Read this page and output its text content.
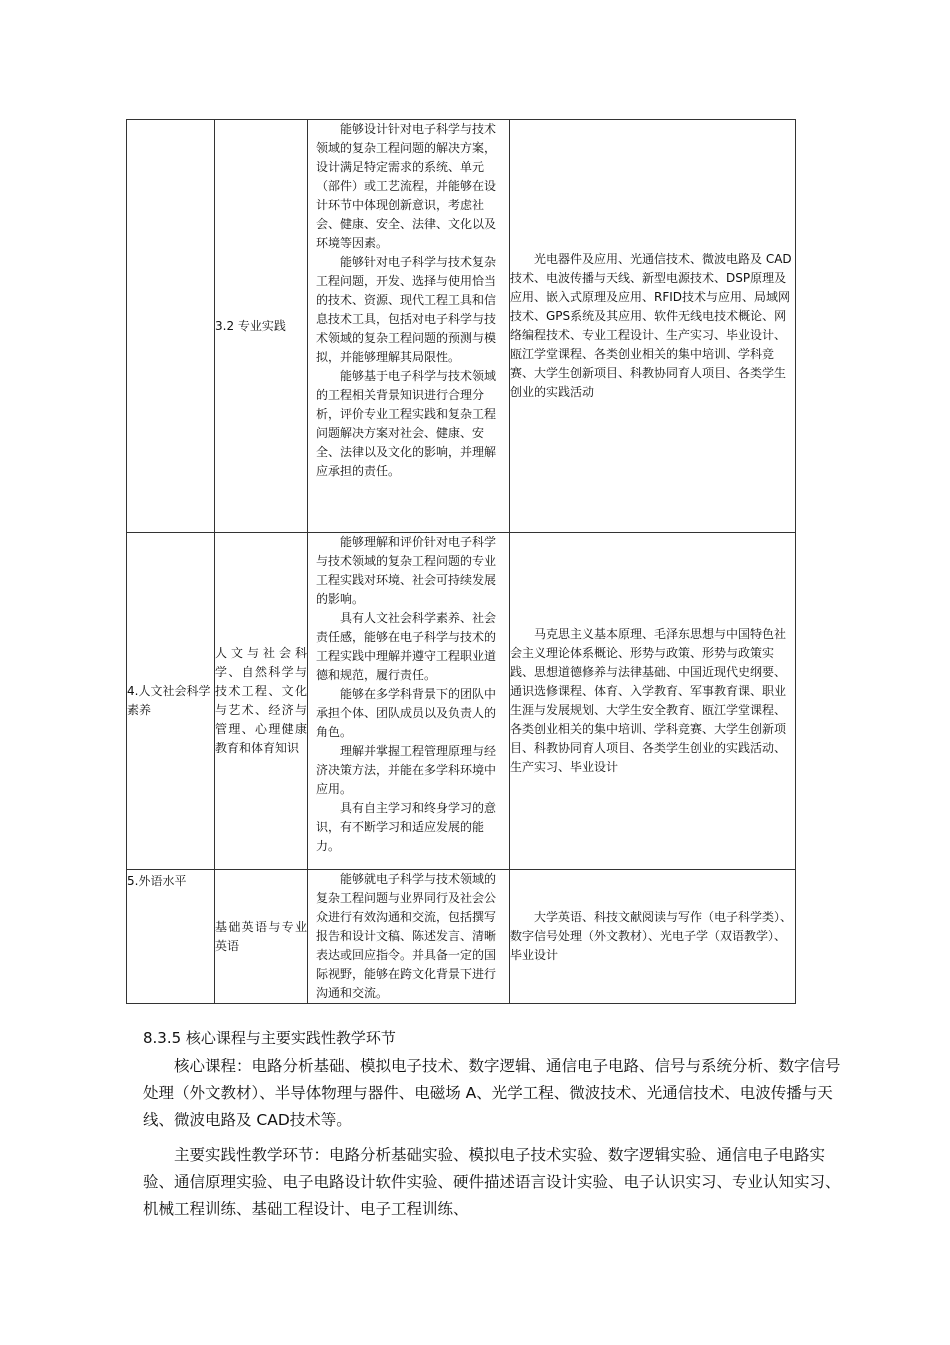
	3.2 专业实践	能够设计针对电子科学与技术领域的复杂工程问题的解决方案，设计满足特定需求的系统、单元（部件）或工艺流程，并能够在设计环节中体现创新意识，考虑社会、健康、安全、法律、文化以及环境等因素。

能够针对电子科学与技术复杂工程问题，开发、选择与使用恰当的技术、资源、现代工程工具和信息技术工具，包括对电子科学与技术领域的复杂工程问题的预测与模拟，并能够理解其局限性。

能够基于电子科学与技术领域的工程相关背景知识进行合理分析，评价专业工程实践和复杂工程问题解决方案对社会、健康、安全、法律以及文化的影响，并理解应承担的责任。	光电器件及应用、光通信技术、微波电路及 CAD技术、电波传播与天线、新型电源技术、DSP原理及应用、嵌入式原理及应用、RFID技术与应用、局域网技术、GPS系统及其应用、软件无线电技术概论、网络编程技术、专业工程设计、生产实习、毕业设计、瓯江学堂课程、各类创业相关的集中培训、学科竞赛、大学生创新项目、科教协同育人项目、各类学生创业的实践活动
4.人文社会科学素养	人文与社会科学、自然科学与技术工程、文化与艺术、经济与管理、心理健康教育和体育知识	能够理解和评价针对电子科学与技术领域的复杂工程问题的专业工程实践对环境、社会可持续发展的影响。

具有人文社会科学素养、社会责任感，能够在电子科学与技术的工程实践中理解并遵守工程职业道德和规范，履行责任。

能够在多学科背景下的团队中承担个体、团队成员以及负责人的角色。

理解并掌握工程管理原理与经济决策方法，并能在多学科环境中应用。

具有自主学习和终身学习的意识，有不断学习和适应发展的能力。	马克思主义基本原理、毛泽东思想与中国特色社会主义理论体系概论、形势与政策、形势与政策实践、思想道德修养与法律基础、中国近现代史纲要、通识选修课程、体育、入学教育、军事教育课、职业生涯与发展规划、大学生安全教育、瓯江学堂课程、各类创业相关的集中培训、学科竞赛、大学生创新项目、科教协同育人项目、各类学生创业的实践活动、生产实习、毕业设计
5.外语水平	基础英语与专业英语	能够就电子科学与技术领域的复杂工程问题与业界同行及社会公众进行有效沟通和交流，包括撰写报告和设计文稿、陈述发言、清晰表达或回应指令。并具备一定的国际视野，能够在跨文化背景下进行沟通和交流。	大学英语、科技文献阅读与写作（电子科学类）、数字信号处理（外文教材）、光电子学（双语教学）、毕业设计
8.3.5 核心课程与主要实践性教学环节

核心课程：电路分析基础、模拟电子技术、数字逻辑、通信电子电路、信号与系统分析、数字信号处理（外文教材）、半导体物理与器件、电磁场 A、光学工程、微波技术、光通信技术、电波传播与天线、微波电路及 CAD技术等。

主要实践性教学环节：电路分析基础实验、模拟电子技术实验、数字逻辑实验、通信电子电路实验、通信原理实验、电子电路设计软件实验、硬件描述语言设计实验、电子认识实习、专业认知实习、机械工程训练、基础工程设计、电子工程训练、
